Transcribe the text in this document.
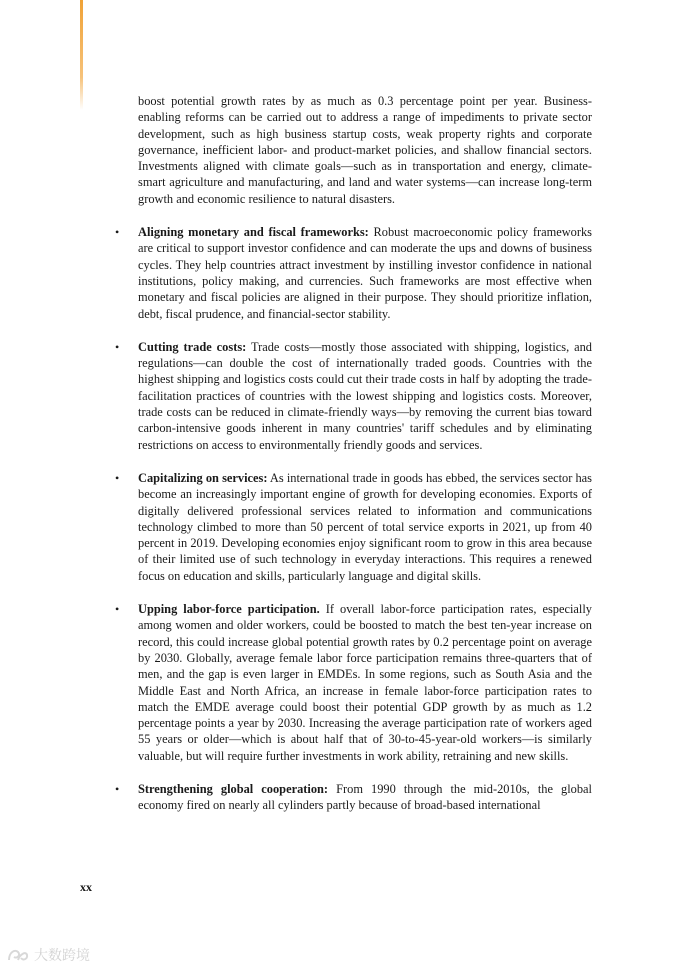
boost potential growth rates by as much as 0.3 percentage point per year. Business-enabling reforms can be carried out to address a range of impediments to private sector development, such as high business startup costs, weak property rights and corporate governance, inefficient labor- and product-market policies, and shallow financial sectors. Investments aligned with climate goals—such as in transportation and energy, climate-smart agriculture and manufacturing, and land and water systems—can increase long-term growth and economic resilience to natural disasters.

• Aligning monetary and fiscal frameworks: Robust macroeconomic policy frameworks are critical to support investor confidence and can moderate the ups and downs of business cycles. They help countries attract investment by instilling investor confidence in national institutions, policy making, and currencies. Such frameworks are most effective when monetary and fiscal policies are aligned in their purpose. They should prioritize inflation, debt, fiscal prudence, and financial-sector stability.
• Cutting trade costs: Trade costs—mostly those associated with shipping, logistics, and regulations—can double the cost of internationally traded goods. Countries with the highest shipping and logistics costs could cut their trade costs in half by adopting the trade-facilitation practices of countries with the lowest shipping and logistics costs. Moreover, trade costs can be reduced in climate-friendly ways—by removing the current bias toward carbon-intensive goods inherent in many countries' tariff schedules and by eliminating restrictions on access to environmentally friendly goods and services.
• Capitalizing on services: As international trade in goods has ebbed, the services sector has become an increasingly important engine of growth for developing economies. Exports of digitally delivered professional services related to information and communications technology climbed to more than 50 percent of total service exports in 2021, up from 40 percent in 2019. Developing economies enjoy significant room to grow in this area because of their limited use of such technology in everyday interactions. This requires a renewed focus on education and skills, particularly language and digital skills.
• Upping labor-force participation. If overall labor-force participation rates, especially among women and older workers, could be boosted to match the best ten-year increase on record, this could increase global potential growth rates by 0.2 percentage point on average by 2030. Globally, average female labor force participation remains three-quarters that of men, and the gap is even larger in EMDEs. In some regions, such as South Asia and the Middle East and North Africa, an increase in female labor-force participation rates to match the EMDE average could boost their potential GDP growth by as much as 1.2 percentage points a year by 2030. Increasing the average participation rate of workers aged 55 years or older—which is about half that of 30-to-45-year-old workers—is similarly valuable, but will require further investments in work ability, retraining and new skills.
• Strengthening global cooperation: From 1990 through the mid-2010s, the global economy fired on nearly all cylinders partly because of broad-based international
xx
大数跨境
